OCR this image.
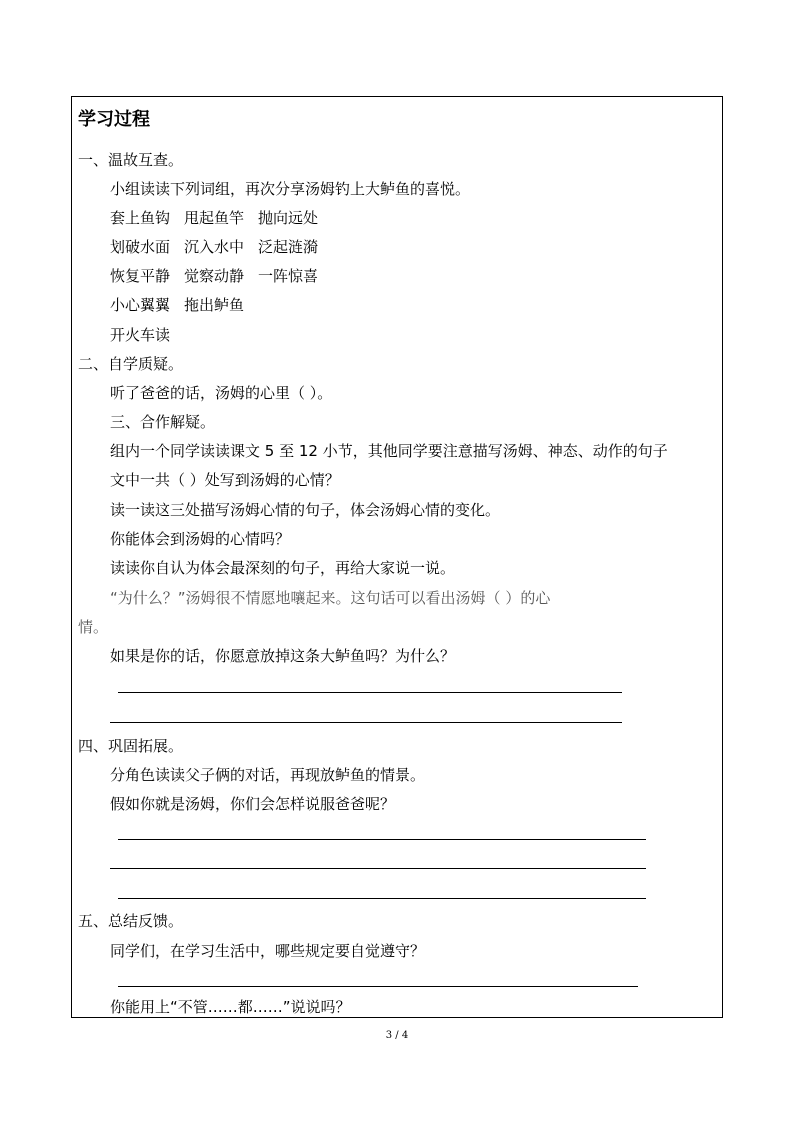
学习过程
一、温故互查。
小组读读下列词组，再次分享汤姆钓上大鲈鱼的喜悦。
套上鱼钩 甩起鱼竿 抛向远处
划破水面 沉入水中 泛起涟漪
恢复平静 觉察动静 一阵惊喜
小心翼翼 拖出鲈鱼
开火车读
二、自学质疑。
听了爸爸的话，汤姆的心里（ ）。
三、合作解疑。
组内一个同学读读课文 5 至 12 小节，其他同学要注意描写汤姆、神态、动作的句子
文中一共（ ）处写到汤姆的心情？
读一读这三处描写汤姆心情的句子，体会汤姆心情的变化。
你能体会到汤姆的心情吗？
读读你自认为体会最深刻的句子，再给大家说一说。
“为什么？”汤姆很不情愿地嚷起来。这句话可以看出汤姆（ ）的心
情。
如果是你的话，你愿意放掉这条大鲈鱼吗？为什么？
四、巩固拓展。
分角色读读父子俩的对话，再现放鲈鱼的情景。
假如你就是汤姆，你们会怎样说服爸爸呢？
五、总结反馈。
同学们，在学习生活中，哪些规定要自觉遵守？
你能用上“不管……都……”说说吗？
3 / 4
